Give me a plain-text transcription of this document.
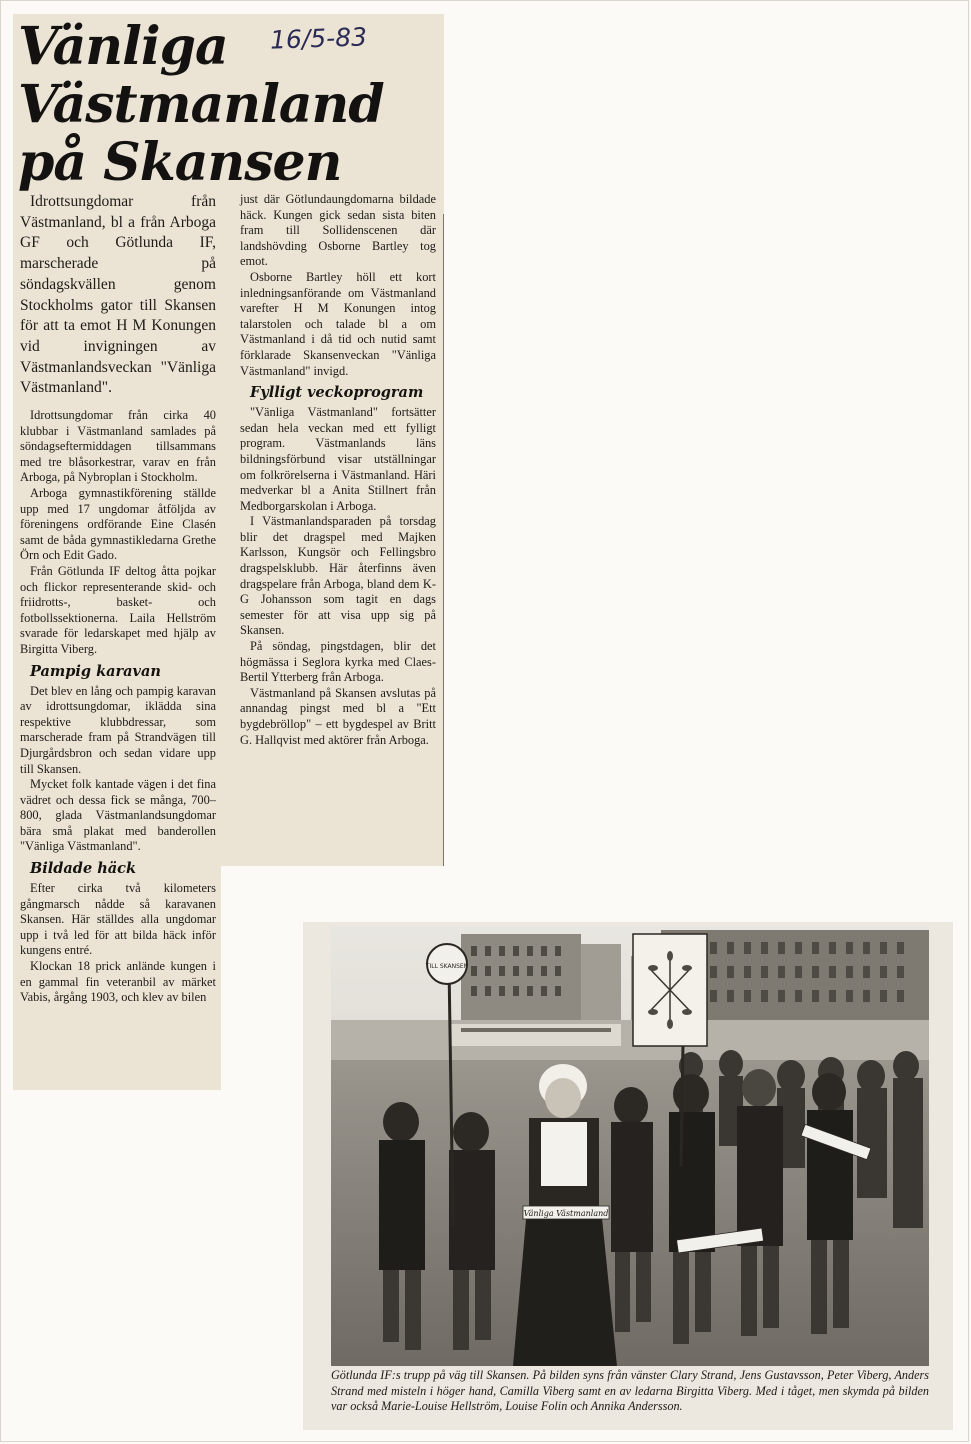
Vänliga
Västmanland
på Skansen
16/5-83

Idrottsungdomar från Västmanland, bl a från Arboga GF och Götlunda IF, marscherade på söndagskvällen genom Stockholms gator till Skansen för att ta emot H M Konungen vid invigningen av Västmanlandsveckan "Vänliga Västmanland".

Idrottsungdomar från cirka 40 klubbar i Västmanland samlades på söndagseftermiddagen tillsammans med tre blåsorkestrar, varav en från Arboga, på Nybroplan i Stockholm.

Arboga gymnastikförening ställde upp med 17 ungdomar åtföljda av föreningens ordförande Eine Clasén samt de båda gymnastikledarna Grethe Örn och Edit Gado.

Från Götlunda IF deltog åtta pojkar och flickor representerande skid- och friidrotts-, basket- och fotbollssektionerna. Laila Hellström svarade för ledarskapet med hjälp av Birgitta Viberg.

Pampig karavan

Det blev en lång och pampig karavan av idrottsungdomar, iklädda sina respektive klubbdressar, som marscherade fram på Strandvägen till Djurgårdsbron och sedan vidare upp till Skansen.

Mycket folk kantade vägen i det fina vädret och dessa fick se många, 700–800, glada Västmanlandsungdomar bära små plakat med banderollen "Vänliga Västmanland".

Bildade häck

Efter cirka två kilometers gångmarsch nådde så karavanen Skansen. Här ställdes alla ungdomar upp i två led för att bilda häck inför kungens entré.

Klockan 18 prick anlände kungen i en gammal fin veteranbil av märket Vabis, årgång 1903, och klev av bilen

just där Götlundaungdomarna bildade häck. Kungen gick sedan sista biten fram till Sollidenscenen där landshövding Osborne Bartley tog emot.

Osborne Bartley höll ett kort inledningsanförande om Västmanland varefter H M Konungen intog talarstolen och talade bl a om Västmanland i då tid och nutid samt förklarade Skansenveckan "Vänliga Västmanland" invigd.

Fylligt veckoprogram

"Vänliga Västmanland" fortsätter sedan hela veckan med ett fylligt program. Västmanlands läns bildningsförbund visar utställningar om folkrörelserna i Västmanland. Häri medverkar bl a Anita Stillnert från Medborgarskolan i Arboga.

I Västmanlandsparaden på torsdag blir det dragspel med Majken Karlsson, Kungsör och Fellingsbro dragspelsklubb. Här återfinns även dragspelare från Arboga, bland dem K-G Johansson som tagit en dags semester för att visa upp sig på Skansen.

På söndag, pingstdagen, blir det högmässa i Seglora kyrka med Claes-Bertil Ytterberg från Arboga.

Västmanland på Skansen avslutas på annandag pingst med bl a "Ett bygdebröllop" – ett bygdespel av Britt G. Hallqvist med aktörer från Arboga.

TILL SKANSEN
Vänliga Västmanland

Götlunda IF:s trupp på väg till Skansen. På bilden syns från vänster Clary Strand, Jens Gustavsson, Peter Viberg, Anders Strand med misteln i höger hand, Camilla Viberg samt en av ledarna Birgitta Viberg. Med i tåget, men skymda på bilden var också Marie-Louise Hellström, Louise Folin och Annika Andersson.
